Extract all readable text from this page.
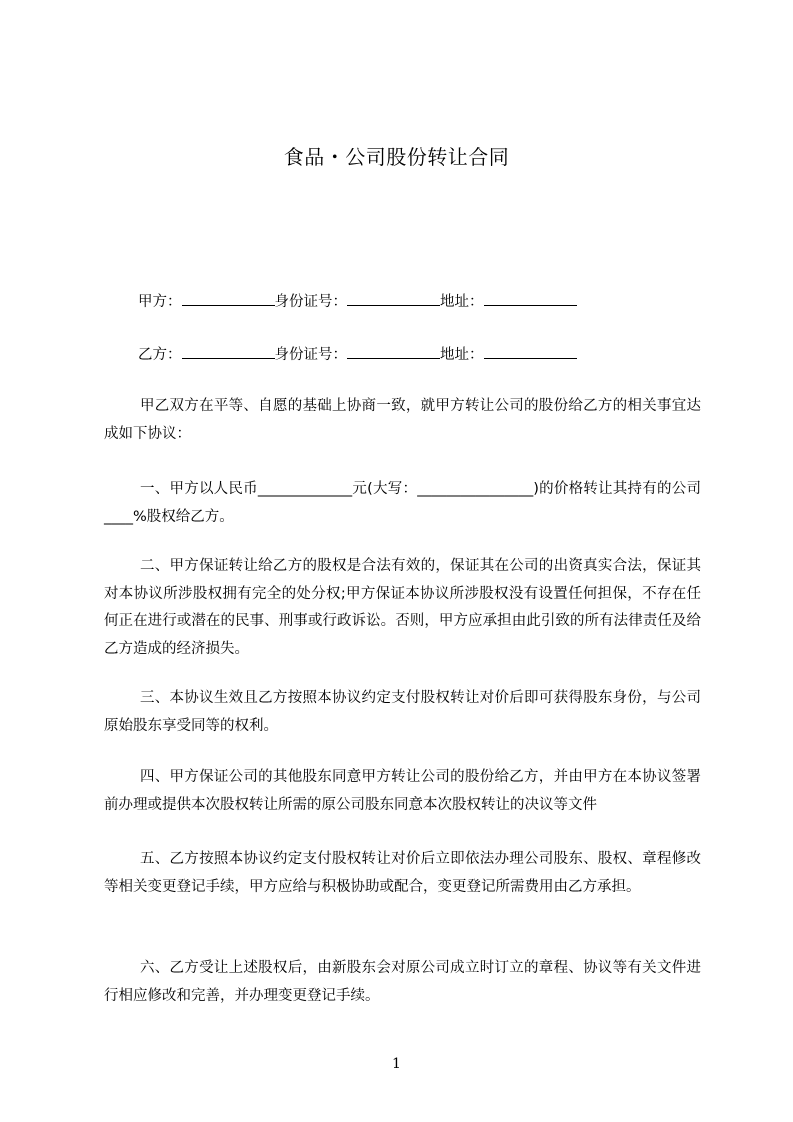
食品・公司股份转让合同
甲方：	身份证号：	地址：
乙方：	身份证号：	地址：

甲乙双方在平等、自愿的基础上协商一致，就甲方转让公司的股份给乙方的相关事宜达成如下协议：

一、甲方以人民币_____________元(大写：________________)的价格转让其持有的公司____%股权给乙方。

二、甲方保证转让给乙方的股权是合法有效的，保证其在公司的出资真实合法，保证其对本协议所涉股权拥有完全的处分权;甲方保证本协议所涉股权没有设置任何担保，不存在任何正在进行或潜在的民事、刑事或行政诉讼。否则，甲方应承担由此引致的所有法律责任及给乙方造成的经济损失。

三、本协议生效且乙方按照本协议约定支付股权转让对价后即可获得股东身份，与公司原始股东享受同等的权利。

四、甲方保证公司的其他股东同意甲方转让公司的股份给乙方，并由甲方在本协议签署前办理或提供本次股权转让所需的原公司股东同意本次股权转让的决议等文件

五、乙方按照本协议约定支付股权转让对价后立即依法办理公司股东、股权、章程修改等相关变更登记手续，甲方应给与积极协助或配合，变更登记所需费用由乙方承担。

六、乙方受让上述股权后，由新股东会对原公司成立时订立的章程、协议等有关文件进行相应修改和完善，并办理变更登记手续。

1
